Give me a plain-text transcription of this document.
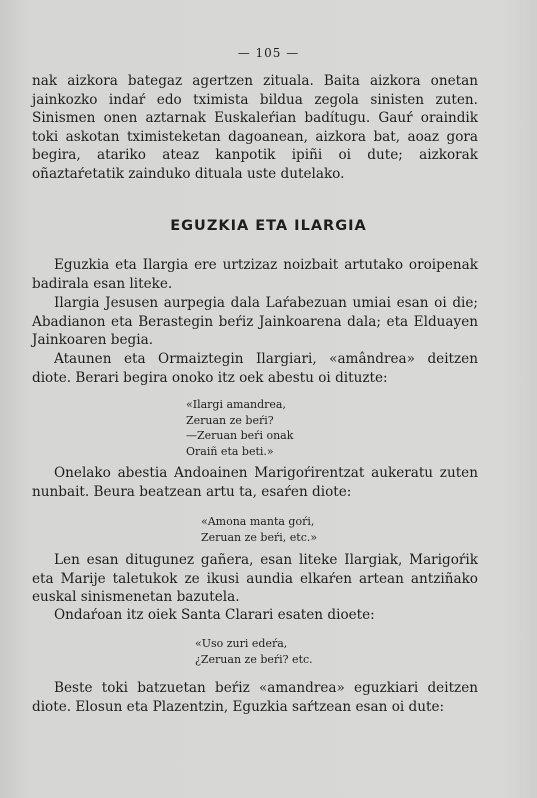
— 105 —
nak aizkora bategaz agertzen zituala. Baita aizkora onetan jainkozko indaŕ edo tximista bildua zegola sinisten zuten. Sinismen onen aztarnak Euskaleŕian badítugu. Gauŕ oraindik toki askotan tximisteketan dagoanean, aizkora bat, aoaz gora begira, atariko ateaz kanpotik ipiñi oi dute; aizkorak oñaztaŕetatik zainduko dituala uste dutelako.
EGUZKIA ETA ILARGIA
Eguzkia eta Ilargia ere urtzizaz noizbait artutako oroipenak badirala esan liteke.
Ilargia Jesusen aurpegia dala Laŕabezuan umiai esan oi die; Abadianon eta Berastegin beŕiz Jainkoarena dala; eta Elduayen Jainkoaren begia.
Ataunen eta Ormaiztegin Ilargiari, «amândrea» deitzen diote. Berari begira onoko itz oek abestu oi dituzte:
«Ilargi amandrea,
Zeruan ze beŕi?
—Zeruan beŕi onak
Oraiñ eta beti.»
Onelako abestia Andoainen Marigoŕirentzat aukeratu zuten nunbait. Beura beatzean artu ta, esaŕen diote:
«Amona manta goŕi,
Zeruan ze beŕi, etc.»
Len esan ditugunez gañera, esan liteke Ilargiak, Marigoŕik eta Marije taletukok ze ikusi aundia elkaŕen artean antziñako euskal sinismenetan bazutela.
Ondaŕoan itz oiek Santa Clarari esaten dioete:
«Uso zuri edeŕa,
¿Zeruan ze beŕi? etc.
Beste toki batzuetan beŕiz «amandrea» eguzkiari deitzen diote. Elosun eta Plazentzin, Eguzkia saŕtzean esan oi dute:
